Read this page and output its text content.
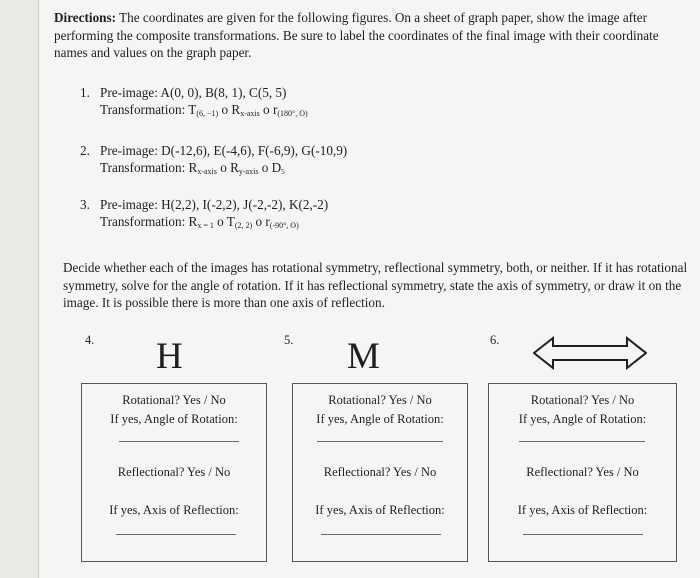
Directions: The coordinates are given for the following figures. On a sheet of graph paper, show the image after performing the composite transformations. Be sure to label the coordinates of the final image with their coordinate names and values on the graph paper.
1. Pre-image: A(0, 0), B(8, 1), C(5, 5)
Transformation: $T_{(6, -1)}$ o $R_{x-axis}$ o $r_{(180^\circ, O)}$
2. Pre-image: D(-12,6), E(-4,6), F(-6,9), G(-10,9)
Transformation: $R_{x-axis}$ o $R_{y-axis}$ o D5
3. Pre-image: H(2,2), I(-2,2), J(-2,-2), K(2,-2)
Transformation: $R_{x = 1}$ o $T_{(2, 2)}$ o $r_{(-90^\circ, O)}$
Decide whether each of the images has rotational symmetry, reflectional symmetry, both, or neither. If it has rotational symmetry, solve for the angle of rotation. If it has reflectional symmetry, state the axis of symmetry, or draw it on the image. It is possible there is more than one axis of reflection.
4. H	5. M	6.
Rotational? Yes / No
If yes, Angle of Rotation:
Reflectional? Yes / No
If yes, Axis of Reflection:
Rotational? Yes / No
If yes, Angle of Rotation:
Reflectional? Yes / No
If yes, Axis of Reflection:
Rotational? Yes / No
If yes, Angle of Rotation:
Reflectional? Yes / No
If yes, Axis of Reflection:
